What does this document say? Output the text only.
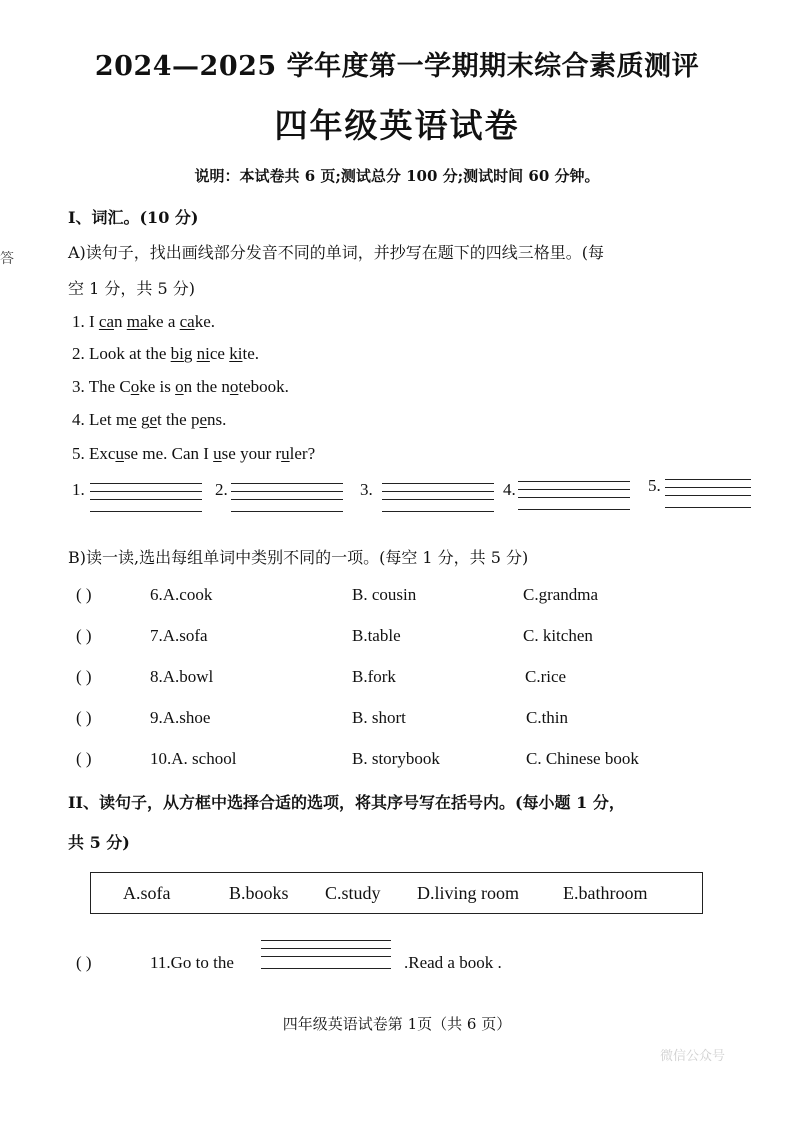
2024—2025 学年度第一学期期末综合素质测评
四年级英语试卷
说明：本试卷共 6 页;测试总分 100 分;测试时间 60 分钟。
答
I、词汇。(10 分)
A)读句子，找出画线部分发音不同的单词，并抄写在题下的四线三格里。(每
空 1 分，共 5 分)
1. I can make a cake.
2. Look at the big nice kite.
3. The Coke is on the notebook.
4. Let me get the pens.
5. Excuse me. Can I use your ruler?
1.	2.	3.	4.	5.
B)读一读,选出每组单词中类别不同的一项。(每空 1 分，共 5 分)
( )	6.A.cook	B. cousin	C.grandma
( )	7.A.sofa	B.table	C. kitchen
( )	8.A.bowl	B.fork	C.rice
( )	9.A.shoe	B. short	C.thin
( )	10.A. school	B. storybook	C. Chinese book
II、读句子，从方框中选择合适的选项，将其序号写在括号内。(每小题 1 分，
共 5 分)
A.sofa	B.books C.study D.living room E.bathroom
( )	11.Go to the	.Read a book .
四年级英语试卷第 1页（共 6 页）
微信公众号
